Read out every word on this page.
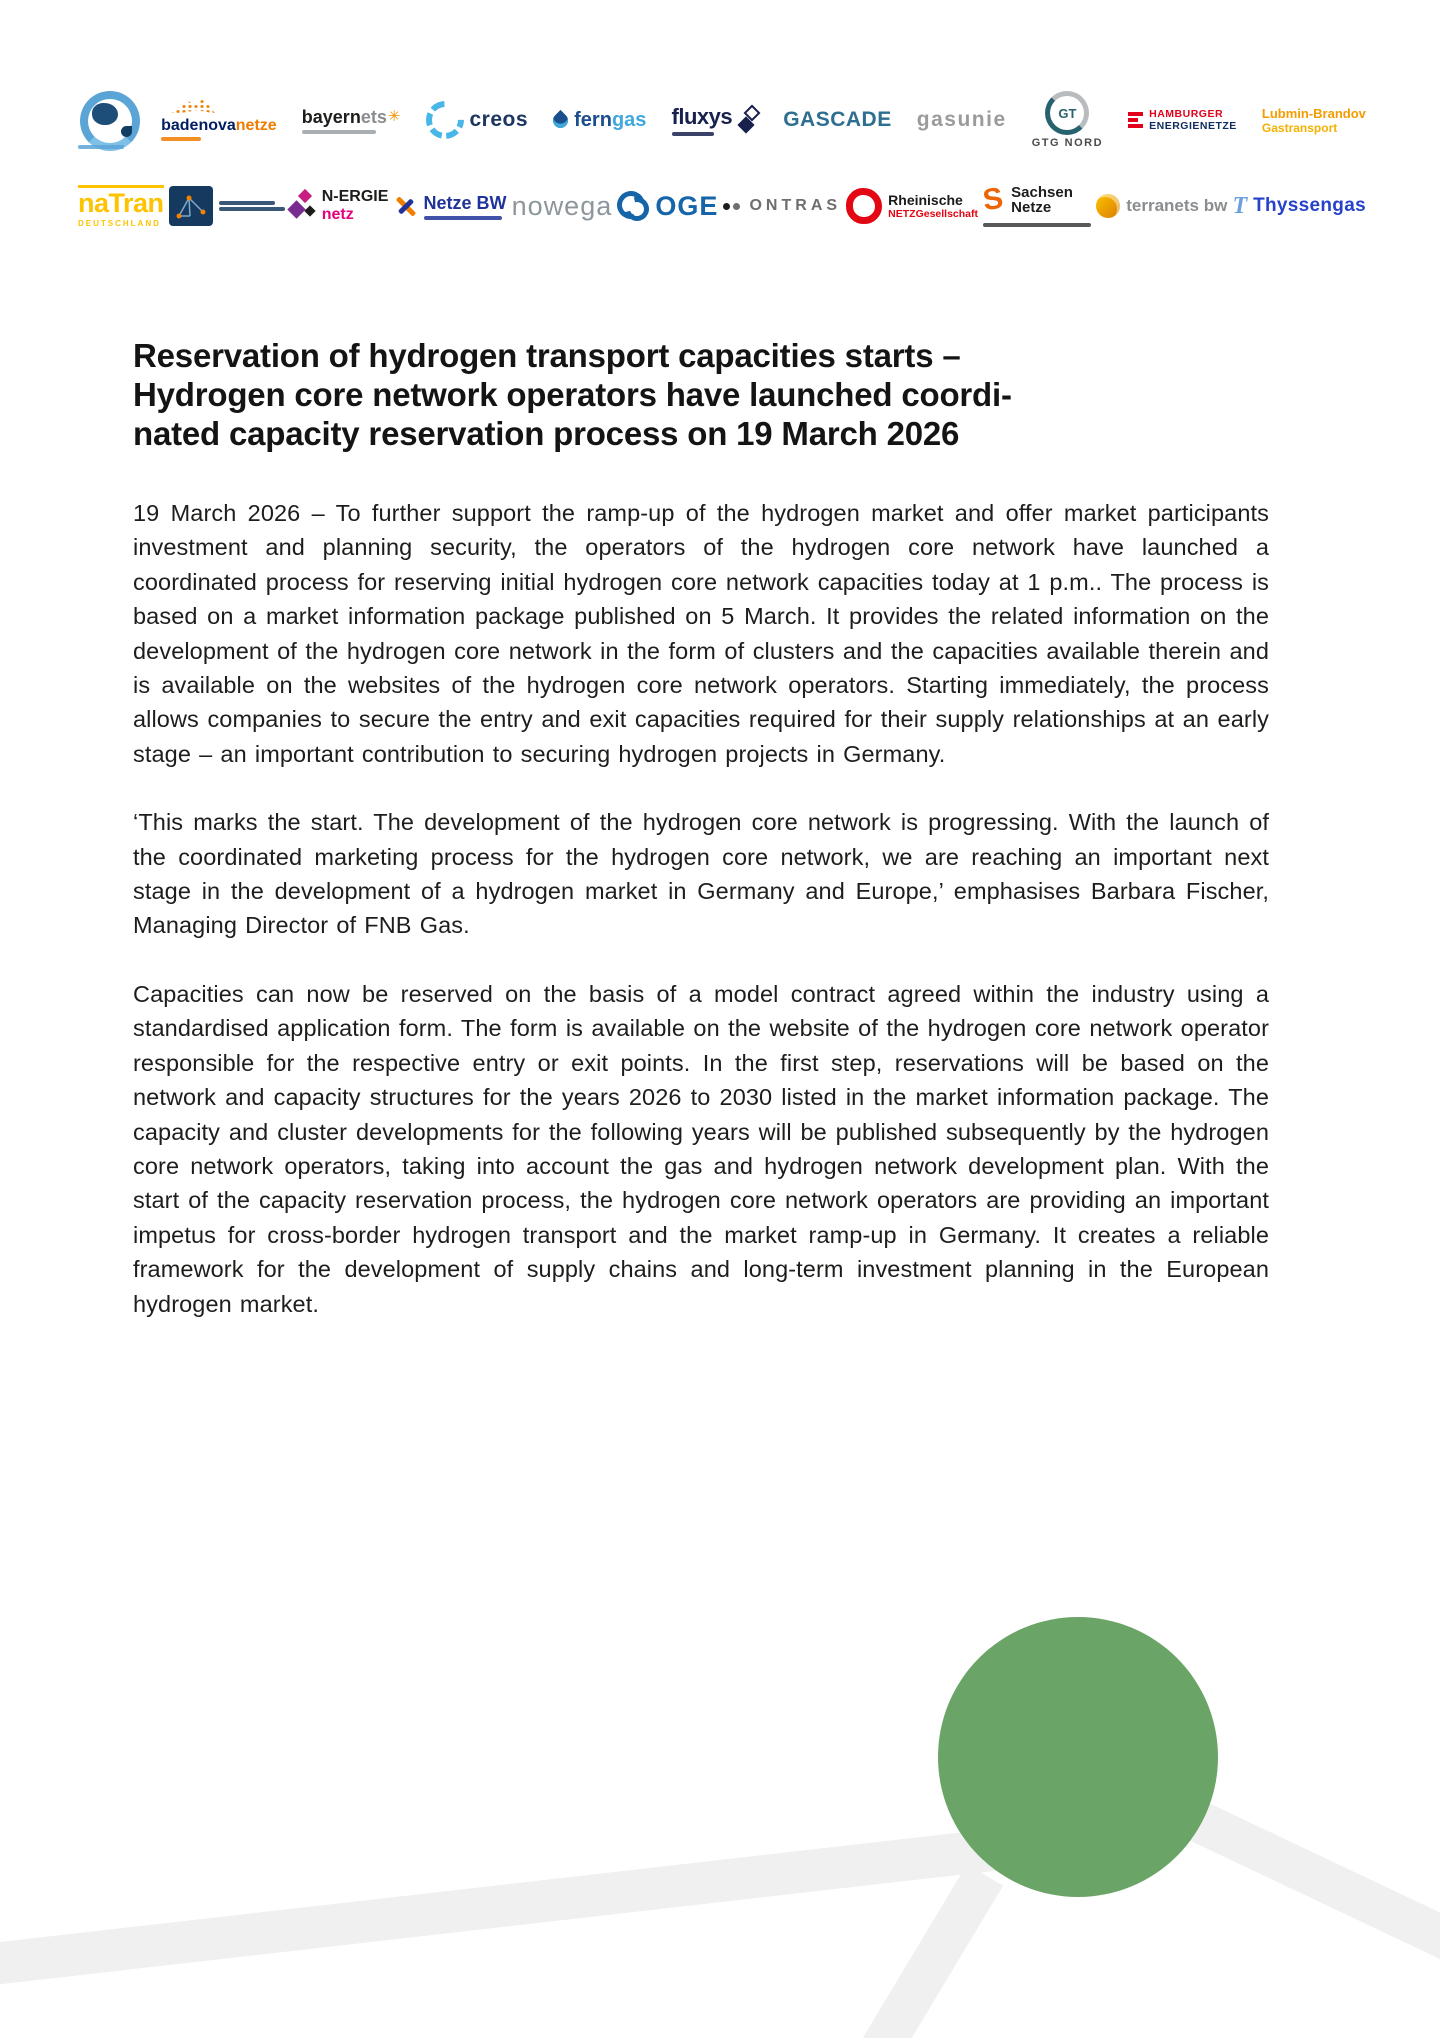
badenovanetze bayernets✳	creos ferngas fluxys GASCADE gasunie	GT
GTG NORD
HAMBURGER
ENERGIENETZE
Lubmin-Brandov
Gastransport
naTran
DEUTSCHLAND
N-ERGIE
netz
Netze BW nowega OGE ONTRAS	Rheinische
NETZGesellschaft S Sachsen
Netze	terranets bw T Thyssengas
Reservation of hydrogen transport capacities starts –
Hydrogen core network operators have launched coordi-
nated capacity reservation process on 19 March 2026

19 March 2026 – To further support the ramp-up of the hydrogen market and offer market participants investment and planning security, the operators of the hydrogen core network have launched a coordinated process for reserving initial hydrogen core network capacities today at 1 p.m.. The process is based on a market information package published on 5 March. It provides the related information on the development of the hydrogen core network in the form of clusters and the capacities available therein and is available on the websites of the hydrogen core network operators. Starting immediately, the process allows companies to secure the entry and exit capacities required for their supply relationships at an early stage – an important contribution to securing hydrogen projects in Germany.

‘This marks the start. The development of the hydrogen core network is progressing. With the launch of the coordinated marketing process for the hydrogen core network, we are reaching an important next stage in the development of a hydrogen market in Germany and Europe,’ emphasises Barbara Fischer, Managing Director of FNB Gas.

Capacities can now be reserved on the basis of a model contract agreed within the industry using a standardised application form. The form is available on the website of the hydrogen core network operator responsible for the respective entry or exit points. In the first step, reservations will be based on the network and capacity structures for the years 2026 to 2030 listed in the market information package. The capacity and cluster developments for the following years will be published subsequently by the hydrogen core network operators, taking into account the gas and hydrogen network development plan. With the start of the capacity reservation process, the hydrogen core network operators are providing an important impetus for cross-border hydrogen transport and the market ramp-up in Germany. It creates a reliable framework for the development of supply chains and long-term investment planning in the European hydrogen market.
